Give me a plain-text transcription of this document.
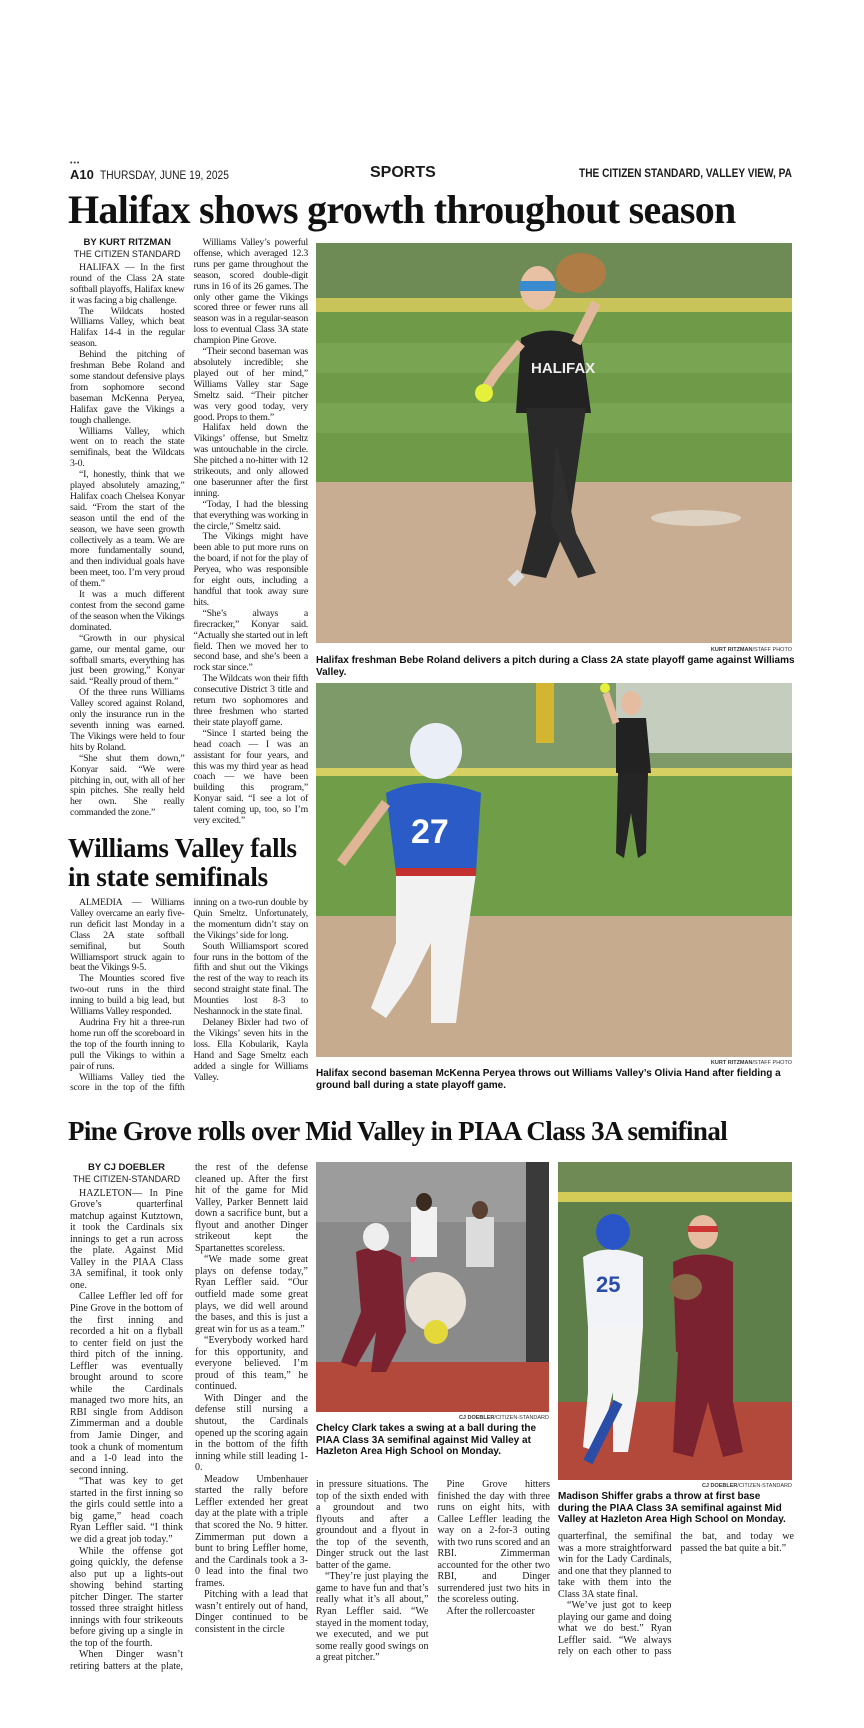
•••
A10 THURSDAY, JUNE 19, 2025	SPORTS	THE CITIZEN STANDARD, VALLEY VIEW, PA
Halifax shows growth throughout season

BY KURT RITZMAN
THE CITIZEN STANDARD

HALIFAX — In the first round of the Class 2A state softball playoffs, Halifax knew it was facing a big challenge.

The Wildcats hosted Williams Valley, which beat Halifax 14-4 in the regular season.

Behind the pitching of freshman Bebe Roland and some standout defensive plays from sophomore second baseman McKenna Peryea, Halifax gave the Vikings a tough challenge.

Williams Valley, which went on to reach the state semifinals, beat the Wildcats 3-0.

“I, honestly, think that we played absolutely amazing,” Halifax coach Chelsea Konyar said. “From the start of the season until the end of the season, we have seen growth collectively as a team. We are more fundamentally sound, and then individual goals have been meet, too. I’m very proud of them.”

It was a much different contest from the second game of the season when the Vikings dominated.

“Growth in our physical game, our mental game, our softball smarts, everything has just been growing,” Konyar said. “Really proud of them.”

Of the three runs Williams Valley scored against Roland, only the insurance run in the seventh inning was earned. The Vikings were held to four hits by Roland.

“She shut them down,” Konyar said. “We were pitching in, out, with all of her spin pitches. She really held her own. She really commanded the zone.”

Williams Valley’s powerful offense, which averaged 12.3 runs per game throughout the season, scored double-digit runs in 16 of its 26 games. The only other game the Vikings scored three or fewer runs all season was in a regular-season loss to eventual Class 3A state champion Pine Grove.

“Their second baseman was absolutely incredible; she played out of her mind,” Williams Valley star Sage Smeltz said. “Their pitcher was very good today, very good. Props to them.”

Halifax held down the Vikings’ offense, but Smeltz was untouchable in the circle. She pitched a no-hitter with 12 strikeouts, and only allowed one baserunner after the first inning.

“Today, I had the blessing that everything was working in the circle,” Smeltz said.

The Vikings might have been able to put more runs on the board, if not for the play of Peryea, who was responsible for eight outs, including a handful that took away sure hits.

“She’s always a firecracker,” Konyar said. “Actually she started out in left field. Then we moved her to second base, and she’s been a rock star since.”

The Wildcats won their fifth consecutive District 3 title and return two sophomores and three freshmen who started their state playoff game.

“Since I started being the head coach — I was an assistant for four years, and this was my third year as head coach — we have been building this program,” Konyar said. “I see a lot of talent coming up, too, so I’m very excited.”

Williams Valley falls in state semifinals

ALMEDIA — Williams Valley overcame an early five-run deficit last Monday in a Class 2A state softball semifinal, but South Williamsport struck again to beat the Vikings 9-5.

The Mounties scored five two-out runs in the third inning to build a big lead, but Williams Valley responded.

Audrina Fry hit a three-run home run off the scoreboard in the top of the fourth inning to pull the Vikings to within a pair of runs.

Williams Valley tied the score in the top of the fifth inning on a two-run double by Quin Smeltz. Unfortunately, the momentum didn’t stay on the Vikings’ side for long.

South Williamsport scored four runs in the bottom of the fifth and shut out the Vikings the rest of the way to reach its second straight state final. The Mounties lost 8-3 to Neshannock in the state final.

Delaney Bixler had two of the Vikings’ seven hits in the loss. Ella Kobularik, Kayla Hand and Sage Smeltz each added a single for Williams Valley.

HALIFAX
KURT RITZMAN/STAFF PHOTO
Halifax freshman Bebe Roland delivers a pitch during a Class 2A state playoff game against Williams Valley.
27
KURT RITZMAN/STAFF PHOTO
Halifax second baseman McKenna Peryea throws out Williams Valley’s Olivia Hand after fielding a ground ball during a state playoff game.
Pine Grove rolls over Mid Valley in PIAA Class 3A semifinal

BY CJ DOEBLER
THE CITIZEN-STANDARD

HAZLETON— In Pine Grove’s quarterfinal matchup against Kutztown, it took the Cardinals six innings to get a run across the plate. Against Mid Valley in the PIAA Class 3A semifinal, it took only one.

Callee Leffler led off for Pine Grove in the bottom of the first inning and recorded a hit on a flyball to center field on just the third pitch of the inning. Leffler was eventually brought around to score while the Cardinals managed two more hits, an RBI single from Addison Zimmerman and a double from Jamie Dinger, and took a chunk of momentum and a 1-0 lead into the second inning.

“That was key to get started in the first inning so the girls could settle into a big game,” head coach Ryan Leffler said. “I think we did a great job today.”

While the offense got going quickly, the defense also put up a lights-out showing behind starting pitcher Dinger. The starter tossed three straight hitless innings with four strikeouts before giving up a single in the top of the fourth.

When Dinger wasn’t retiring batters at the plate, the rest of the defense cleaned up. After the first hit of the game for Mid Valley, Parker Bennett laid down a sacrifice bunt, but a flyout and another Dinger strikeout kept the Spartanettes scoreless.

“We made some great plays on defense today,” Ryan Leffler said. “Our outfield made some great plays, we did well around the bases, and this is just a great win for us as a team.”

“Everybody worked hard for this opportunity, and everyone believed. I’m proud of this team,” he continued.

With Dinger and the defense still nursing a shutout, the Cardinals opened up the scoring again in the bottom of the fifth inning while still leading 1-0.

Meadow Umbenhauer started the rally before Leffler extended her great day at the plate with a triple that scored the No. 9 hitter. Zimmerman put down a bunt to bring Leffler home, and the Cardinals took a 3-0 lead into the final two frames.

Pitching with a lead that wasn’t entirely out of hand, Dinger continued to be consistent in the circle

CJ DOEBLER/CITIZEN-STANDARD
Chelcy Clark takes a swing at a ball during the PIAA Class 3A semifinal against Mid Valley at Hazleton Area High School on Monday.
25
CJ DOEBLER/CITIZEN-STANDARD
Madison Shiffer grabs a throw at first base during the PIAA Class 3A semifinal against Mid Valley at Hazleton Area High School on Monday.

in pressure situations. The top of the sixth ended with a groundout and two flyouts and after a groundout and a flyout in the top of the seventh, Dinger struck out the last batter of the game.

“They’re just playing the game to have fun and that’s really what it’s all about,” Ryan Leffler said. “We stayed in the moment today, we executed, and we put some really good swings on a great pitcher.”

Pine Grove hitters finished the day with three runs on eight hits, with Callee Leffler leading the way on a 2-for-3 outing with two runs scored and an RBI. Zimmerman accounted for the other two RBI, and Dinger surrendered just two hits in the scoreless outing.

After the rollercoaster

quarterfinal, the semifinal was a more straightforward win for the Lady Cardinals, and one that they planned to take with them into the Class 3A state final.

“We’ve just got to keep playing our game and doing what we do best.” Ryan Leffler said. “We always rely on each other to pass the bat, and today we passed the bat quite a bit.”
